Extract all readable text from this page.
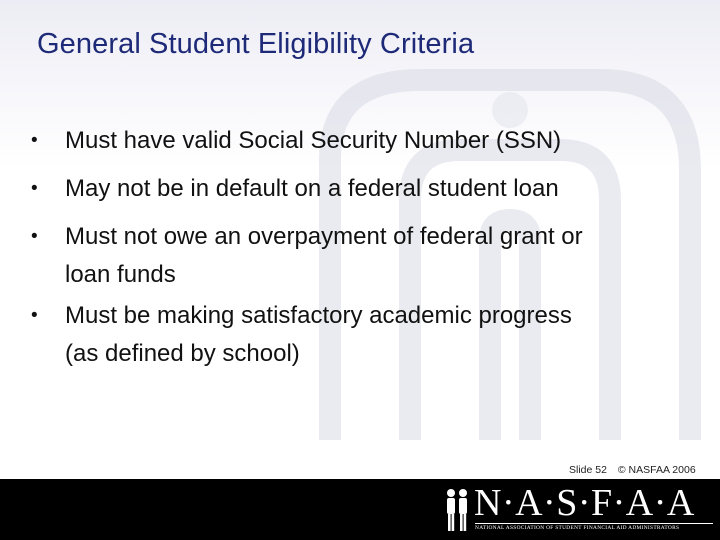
General Student Eligibility Criteria
• Must have valid Social Security Number (SSN)
• May not be in default on a federal student loan
• Must not owe an overpayment of federal grant or
loan funds
• Must be making satisfactory academic progress
(as defined by school)
Slide 52 © NASFAA 2006
N·A·S·F·A·A
NATIONAL ASSOCIATION OF STUDENT FINANCIAL AID ADMINISTRATORS
